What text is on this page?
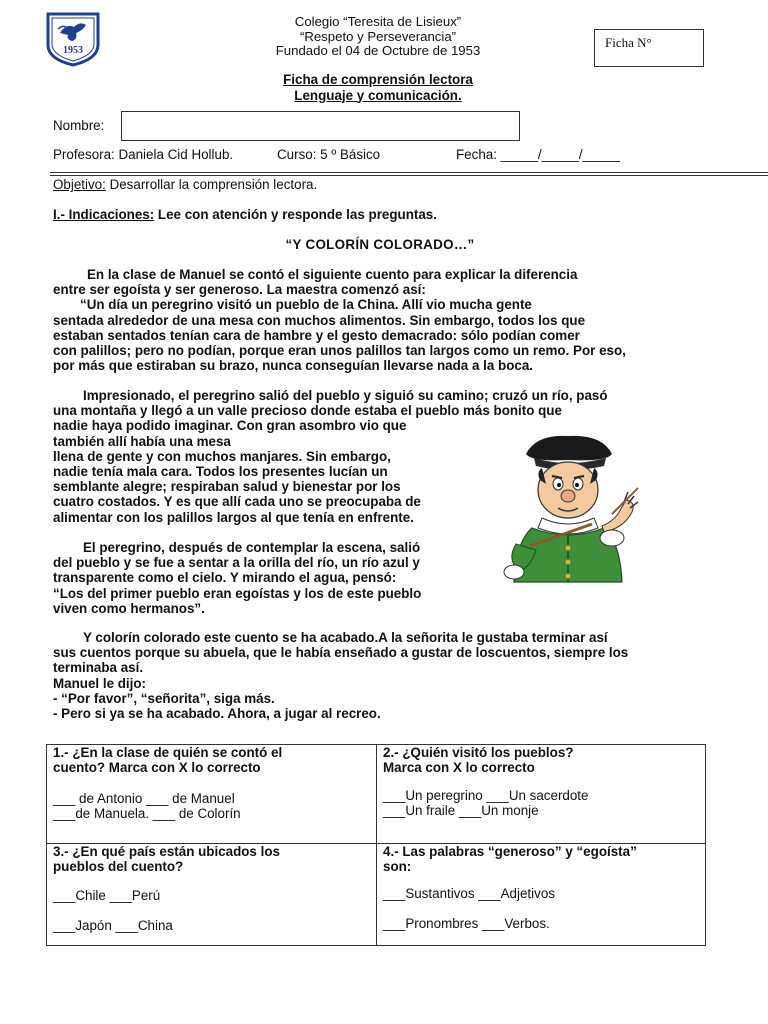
1953
Colegio “Teresita de Lisieux”
“Respeto y Perseverancia”
Fundado el 04 de Octubre de 1953
Ficha N°
Ficha de comprensión lectora
Lenguaje y comunicación.
Nombre:
Profesora: Daniela Cid Hollub.	Curso: 5 º Básico	Fecha: _____/_____/_____
Objetivo: Desarrollar la comprensión lectora.
I.- Indicaciones: Lee con atención y responde las preguntas.
“Y COLORÍN COLORADO…”
En la clase de Manuel se contó el siguiente cuento para explicar la diferencia
entre ser egoísta y ser generoso. La maestra comenzó así:
“Un día un peregrino visitó un pueblo de la China. Allí vio mucha gente
sentada alrededor de una mesa con muchos alimentos. Sin embargo, todos los que
estaban sentados tenían cara de hambre y el gesto demacrado: sólo podían comer
con palillos; pero no podían, porque eran unos palillos tan largos como un remo. Por eso,
por más que estiraban su brazo, nunca conseguían llevarse nada a la boca.
Impresionado, el peregrino salió del pueblo y siguió su camino; cruzó un río, pasó
una montaña y llegó a un valle precioso donde estaba el pueblo más bonito que
nadie haya podido imaginar. Con gran asombro vio que
también allí había una mesa
llena de gente y con muchos manjares. Sin embargo,
nadie tenía mala cara. Todos los presentes lucían un
semblante alegre; respiraban salud y bienestar por los
cuatro costados. Y es que allí cada uno se preocupaba de
alimentar con los palillos largos al que tenía en enfrente.
El peregrino, después de contemplar la escena, salió
del pueblo y se fue a sentar a la orilla del río, un río azul y
transparente como el cielo. Y mirando el agua, pensó:
“Los del primer pueblo eran egoístas y los de este pueblo
viven como hermanos”.
Y colorín colorado este cuento se ha acabado.A la señorita le gustaba terminar así
sus cuentos porque su abuela, que le había enseñado a gustar de loscuentos, siempre los
terminaba así.
Manuel le dijo:
- “Por favor”, “señorita”, siga más.
- Pero si ya se ha acabado. Ahora, a jugar al recreo.
1.- ¿En la clase de quién se contó el
cuento? Marca con X lo correcto
___ de Antonio ___ de Manuel
___de Manuela. ___ de Colorín
2.- ¿Quién visitó los pueblos?
Marca con X lo correcto
___Un peregrino ___Un sacerdote
___Un fraile ___Un monje
3.- ¿En qué país están ubicados los
pueblos del cuento?
___Chile ___Perú
___Japón ___China
4.- Las palabras “generoso” y “egoísta”
son:
___Sustantivos ___Adjetivos
___Pronombres ___Verbos.
